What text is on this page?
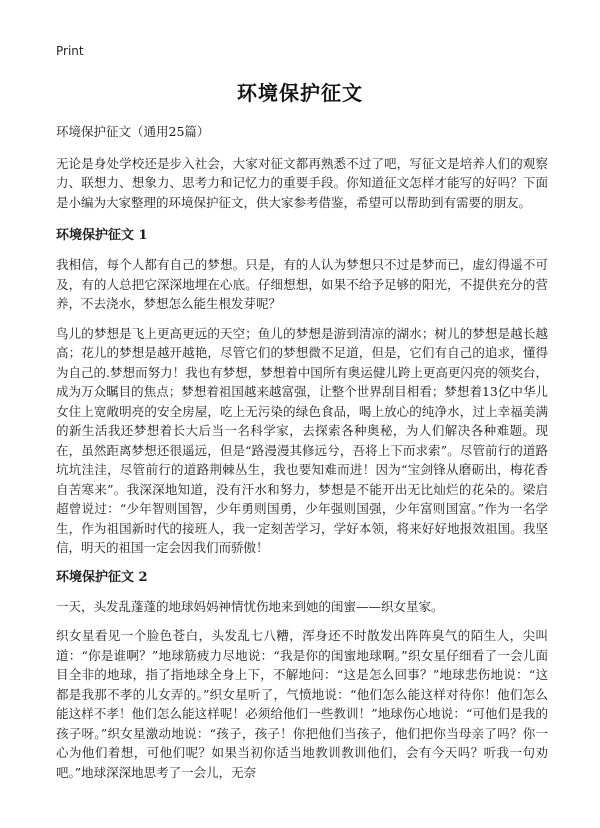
Print
环境保护征文

环境保护征文（通用25篇）

无论是身处学校还是步入社会，大家对征文都再熟悉不过了吧，写征文是培养人们的观察力、联想力、想象力、思考力和记忆力的重要手段。你知道征文怎样才能写的好吗？下面是小编为大家整理的环境保护征文，供大家参考借鉴，希望可以帮助到有需要的朋友。

环境保护征文 1

我相信，每个人都有自己的梦想。只是，有的人认为梦想只不过是梦而已，虚幻得遥不可及，有的人总把它深深地埋在心底。仔细想想，如果不给予足够的阳光，不提供充分的营养，不去浇水，梦想怎么能生根发芽呢？

鸟儿的梦想是飞上更高更远的天空；鱼儿的梦想是游到清凉的湖水；树儿的梦想是越长越高；花儿的梦想是越开越艳，尽管它们的梦想微不足道，但是，它们有自己的追求，懂得为自己的.梦想而努力！我也有梦想，梦想着中国所有奥运健儿跨上更高更闪亮的领奖台，成为万众瞩目的焦点；梦想着祖国越来越富强，让整个世界刮目相看；梦想着13亿中华儿女住上宽敞明亮的安全房屋，吃上无污染的绿色食品，喝上放心的纯净水，过上幸福美满的新生活我还梦想着长大后当一名科学家，去探索各种奥秘，为人们解决各种难题。现在，虽然距离梦想还很遥远，但是“路漫漫其修远兮，吾将上下而求索”。尽管前行的道路坑坑洼洼，尽管前行的道路荆棘丛生，我也要知难而进！因为“宝剑锋从磨砺出，梅花香自苦寒来”。我深深地知道，没有汗水和努力，梦想是不能开出无比灿烂的花朵的。梁启超曾说过：“少年智则国智，少年勇则国勇，少年强则国强，少年富则国富。”作为一名学生，作为祖国新时代的接班人，我一定刻苦学习，学好本领，将来好好地报效祖国。我坚信，明天的祖国一定会因我们而骄傲！

环境保护征文 2

一天，头发乱蓬蓬的地球妈妈神情忧伤地来到她的闺蜜——织女星家。

织女星看见一个脸色苍白，头发乱七八糟，浑身还不时散发出阵阵臭气的陌生人，尖叫道：“你是谁啊？”地球筋疲力尽地说：“我是你的闺蜜地球啊。”织女星仔细看了一会儿面目全非的地球，指了指地球全身上下，不解地问：“这是怎么回事？”地球悲伤地说：“这都是我那不孝的儿女弄的。”织女星听了，气愤地说：“他们怎么能这样对待你！他们怎么能这样不孝！他们怎么能这样呢！必须给他们一些教训！”地球伤心地说：“可他们是我的孩子呀。”织女星激动地说：“孩子，孩子！你把他们当孩子，他们把你当母亲了吗？你一心为他们着想，可他们呢？如果当初你适当地教训教训他们，会有今天吗？听我一句劝吧。”地球深深地思考了一会儿，无奈
